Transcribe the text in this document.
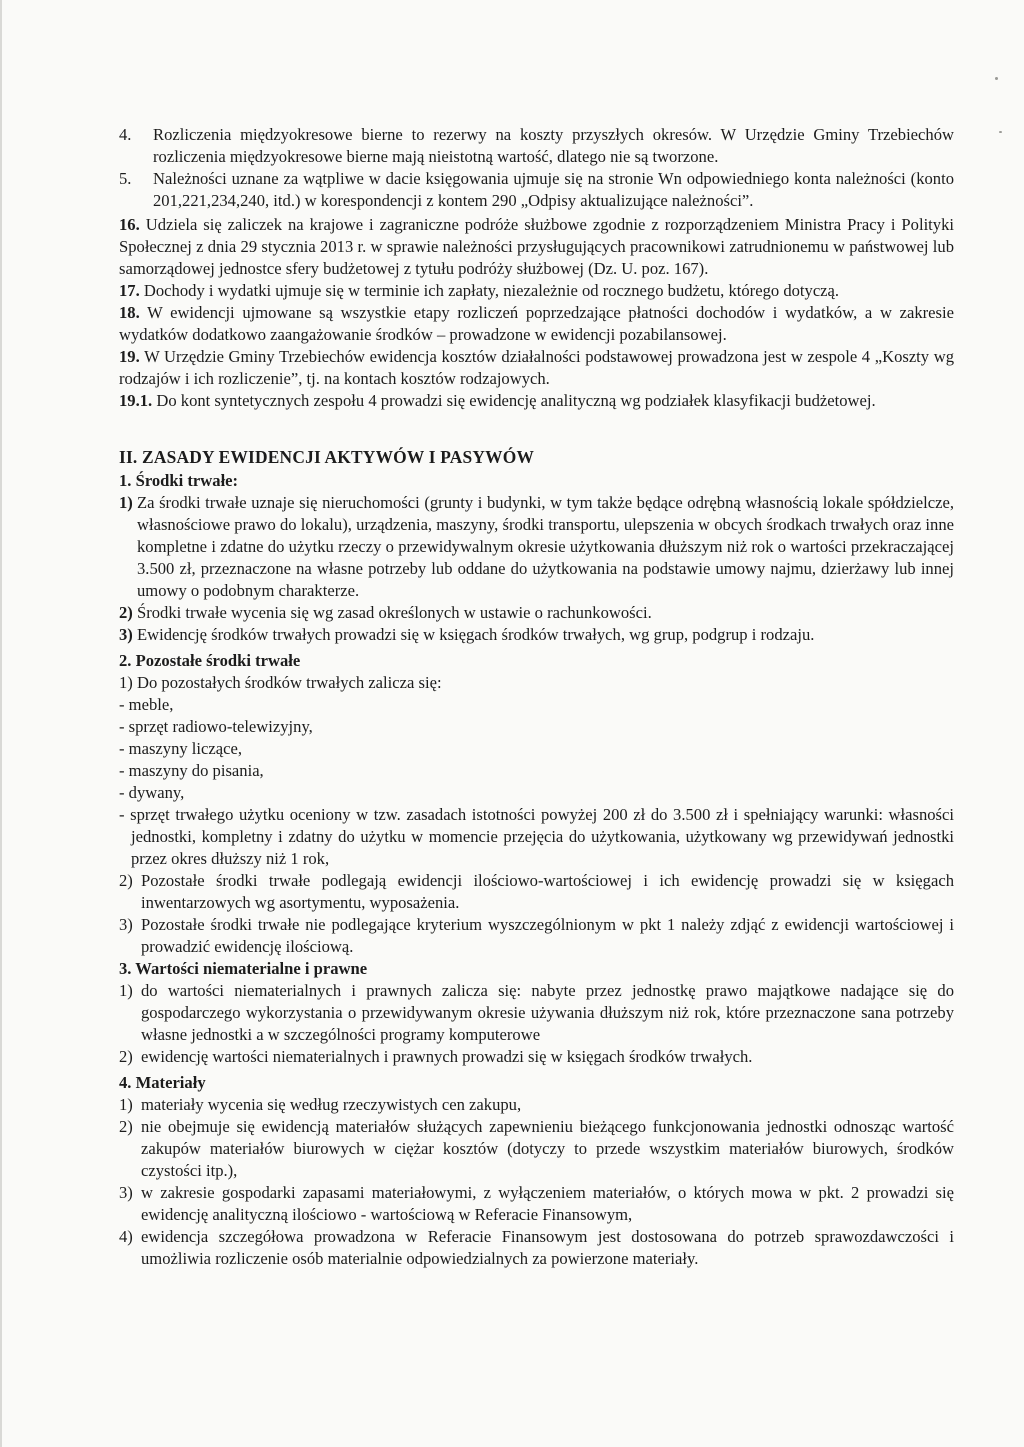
4.	Rozliczenia międzyokresowe bierne to rezerwy na koszty przyszłych okresów. W Urzędzie Gminy Trzebiechów rozliczenia międzyokresowe bierne mają nieistotną wartość, dlatego nie są tworzone.
5.	Należności uznane za wątpliwe w dacie księgowania ujmuje się na stronie Wn odpowiedniego konta należności (konto 201,221,234,240, itd.) w korespondencji z kontem 290 „Odpisy aktualizujące należności”.

16. Udziela się zaliczek na krajowe i zagraniczne podróże służbowe zgodnie z rozporządzeniem Ministra Pracy i Polityki Społecznej z dnia 29 stycznia 2013 r. w sprawie należności przysługujących pracownikowi zatrudnionemu w państwowej lub samorządowej jednostce sfery budżetowej z tytułu podróży służbowej (Dz. U. poz. 167).

17. Dochody i wydatki ujmuje się w terminie ich zapłaty, niezależnie od rocznego budżetu, którego dotyczą.

18. W ewidencji ujmowane są wszystkie etapy rozliczeń poprzedzające płatności dochodów i wydatków, a w zakresie wydatków dodatkowo zaangażowanie środków – prowadzone w ewidencji pozabilansowej.

19. W Urzędzie Gminy Trzebiechów ewidencja kosztów działalności podstawowej prowadzona jest w zespole 4 „Koszty wg rodzajów i ich rozliczenie”, tj. na kontach kosztów rodzajowych.

19.1. Do kont syntetycznych zespołu 4 prowadzi się ewidencję analityczną wg podziałek klasyfikacji budżetowej.

II. ZASADY EWIDENCJI AKTYWÓW I PASYWÓW

1. Środki trwałe:

1) Za środki trwałe uznaje się nieruchomości (grunty i budynki, w tym także będące odrębną własnością lokale spółdzielcze, własnościowe prawo do lokalu), urządzenia, maszyny, środki transportu, ulepszenia w obcych środkach trwałych oraz inne kompletne i zdatne do użytku rzeczy o przewidywalnym okresie użytkowania dłuższym niż rok o wartości przekraczającej 3.500 zł, przeznaczone na własne potrzeby lub oddane do użytkowania na podstawie umowy najmu, dzierżawy lub innej umowy o podobnym charakterze.
2) Środki trwałe wycenia się wg zasad określonych w ustawie o rachunkowości.
3) Ewidencję środków trwałych prowadzi się w księgach środków trwałych, wg grup, podgrup i rodzaju.

2. Pozostałe środki trwałe

1) Do pozostałych środków trwałych zalicza się:

- meble,

- sprzęt radiowo-telewizyjny,

- maszyny liczące,

- maszyny do pisania,

- dywany,

- sprzęt trwałego użytku oceniony w tzw. zasadach istotności powyżej 200 zł do 3.500 zł i spełniający warunki: własności jednostki, kompletny i zdatny do użytku w momencie przejęcia do użytkowania, użytkowany wg przewidywań jednostki przez okres dłuższy niż 1 rok,

2) Pozostałe środki trwałe podlegają ewidencji ilościowo-wartościowej i ich ewidencję prowadzi się w księgach inwentarzowych wg asortymentu, wyposażenia.
3) Pozostałe środki trwałe nie podlegające kryterium wyszczególnionym w pkt 1 należy zdjąć z ewidencji wartościowej i prowadzić ewidencję ilościową.

3. Wartości niematerialne i prawne

1) do wartości niematerialnych i prawnych zalicza się: nabyte przez jednostkę prawo majątkowe nadające się do gospodarczego wykorzystania o przewidywanym okresie używania dłuższym niż rok, które przeznaczone sana potrzeby własne jednostki a w szczególności programy komputerowe
2) ewidencję wartości niematerialnych i prawnych prowadzi się w księgach środków trwałych.

4. Materiały

1) materiały wycenia się według rzeczywistych cen zakupu,
2) nie obejmuje się ewidencją materiałów służących zapewnieniu bieżącego funkcjonowania jednostki odnosząc wartość zakupów materiałów biurowych w ciężar kosztów (dotyczy to przede wszystkim materiałów biurowych, środków czystości itp.),
3) w zakresie gospodarki zapasami materiałowymi, z wyłączeniem materiałów, o których mowa w pkt. 2 prowadzi się ewidencję analityczną ilościowo - wartościową w Referacie Finansowym,
4) ewidencja szczegółowa prowadzona w Referacie Finansowym jest dostosowana do potrzeb sprawozdawczości i umożliwia rozliczenie osób materialnie odpowiedzialnych za powierzone materiały.
